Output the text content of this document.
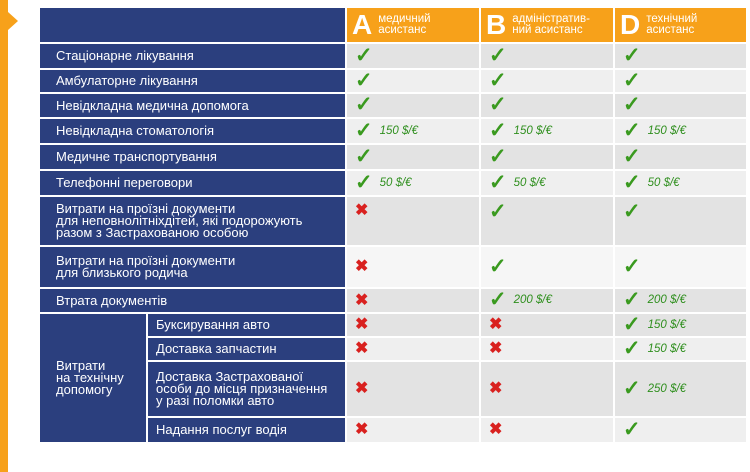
		A медичний асистанс	B адміністратив-
ний асистанс	D технічний асистанс

Стаціонарне лікування		✓	✓	✓

Амбулаторне лікування		✓	✓	✓

Невідкладна медична допомога		✓	✓	✓

Невідкладна стоматологія		✓ 150 $/€	✓ 150 $/€	✓ 150 $/€

Медичне транспортування		✓	✓	✓

Телефонні переговори		✓ 50 $/€	✓ 50 $/€	✓ 50 $/€

Витрати на проїзні документи
для неповнолітніхдітей, які подорожують
разом з Застрахованою особою		✖	✓	✓

Витрати на проїзні документи
для близького родича		✖	✓	✓

Втрата документів		✖	✓ 200 $/€	✓ 200 $/€

Витрати
на технічну
допомогу	Буксирування авто	✖	✖	✓ 150 $/€

	Доставка запчастин	✖	✖	✓ 150 $/€

	Доставка Застрахованої
особи до місця призначення
у разі поломки авто	✖	✖	✓ 250 $/€

	Надання послуг водія	✖	✖	✓
